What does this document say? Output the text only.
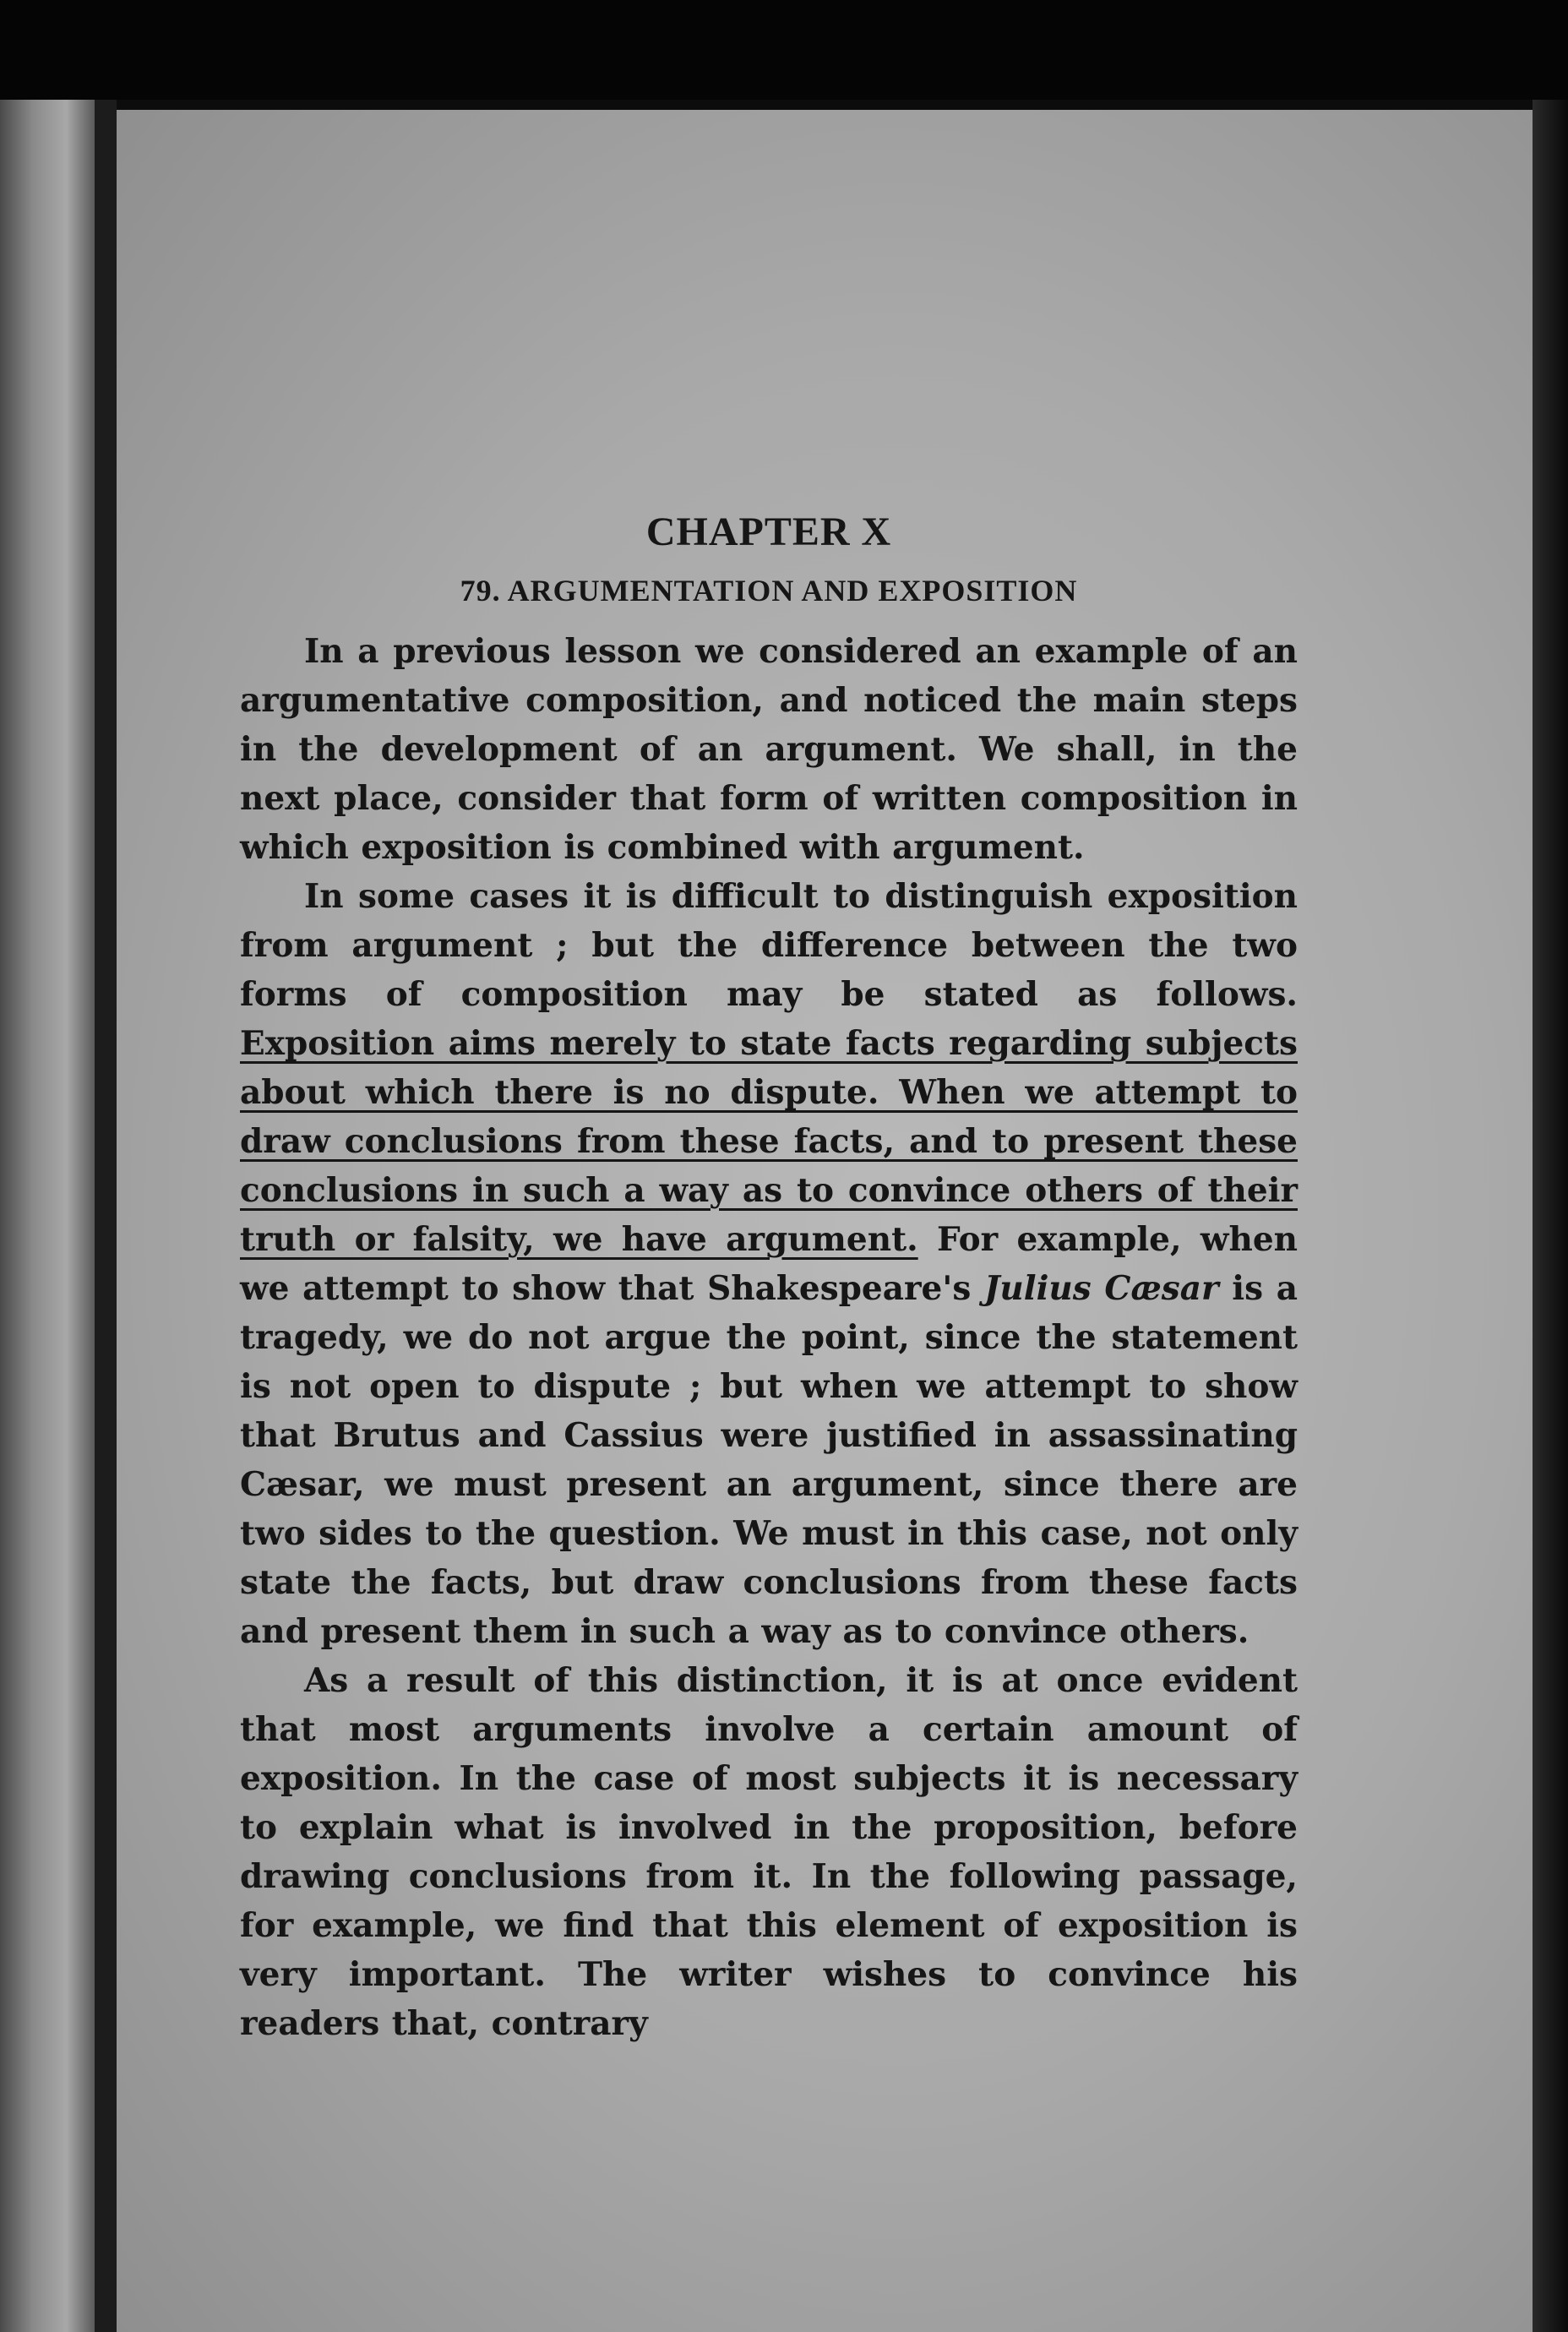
CHAPTER X
79. ARGUMENTATION AND EXPOSITION

In a previous lesson we considered an example of an argumentative composition, and noticed the main steps in the development of an argument. We shall, in the next place, consider that form of written composition in which exposition is combined with argument.

In some cases it is difficult to distinguish exposition from argument ; but the difference between the two forms of composition may be stated as follows. Exposition aims merely to state facts regarding subjects about which there is no dispute. When we attempt to draw conclusions from these facts, and to present these conclusions in such a way as to convince others of their truth or falsity, we have argument. For example, when we attempt to show that Shakespeare's Julius Cæsar is a tragedy, we do not argue the point, since the statement is not open to dispute ; but when we attempt to show that Brutus and Cassius were justified in assassinating Cæsar, we must present an argument, since there are two sides to the question. We must in this case, not only state the facts, but draw conclusions from these facts and present them in such a way as to convince others.

As a result of this distinction, it is at once evident that most arguments involve a certain amount of exposition. In the case of most subjects it is necessary to explain what is involved in the proposition, before drawing conclusions from it. In the following passage, for example, we find that this element of exposition is very important. The writer wishes to convince his readers that, contrary
